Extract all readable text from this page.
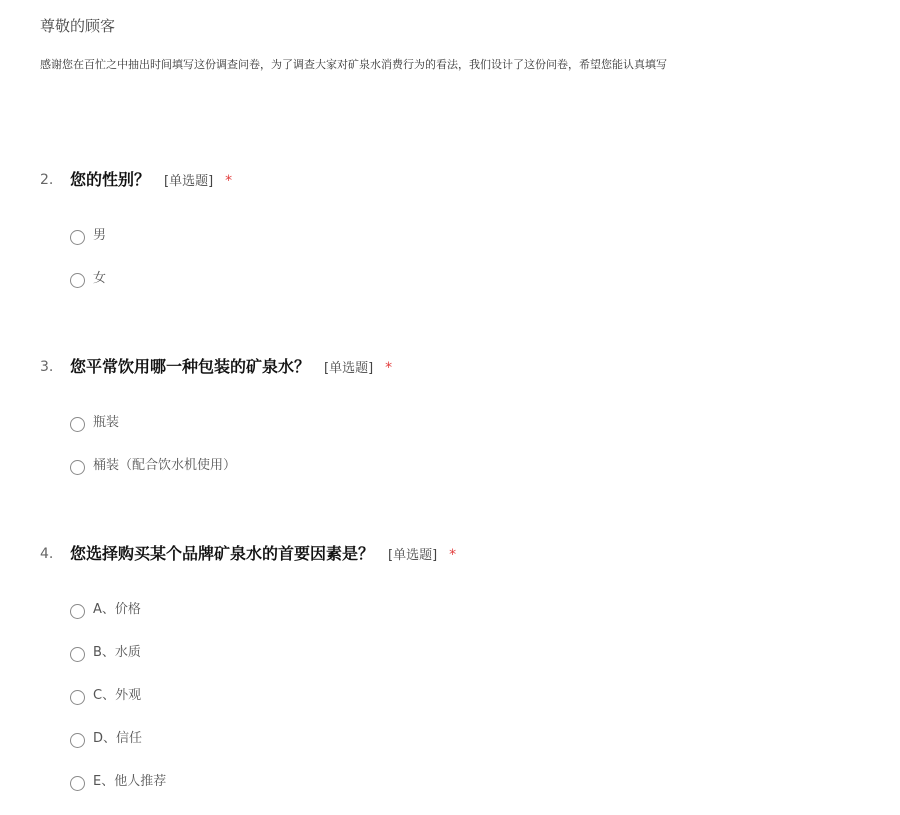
尊敬的顾客
感谢您在百忙之中抽出时间填写这份调查问卷，为了调查大家对矿泉水消费行为的看法，我们设计了这份问卷，希望您能认真填写
2. 您的性别？ [单选题] *
男
女
3. 您平常饮用哪一种包装的矿泉水？ [单选题] *
瓶装
桶装（配合饮水机使用）
4. 您选择购买某个品牌矿泉水的首要因素是？ [单选题] *
A、价格
B、水质
C、外观
D、信任
E、他人推荐
